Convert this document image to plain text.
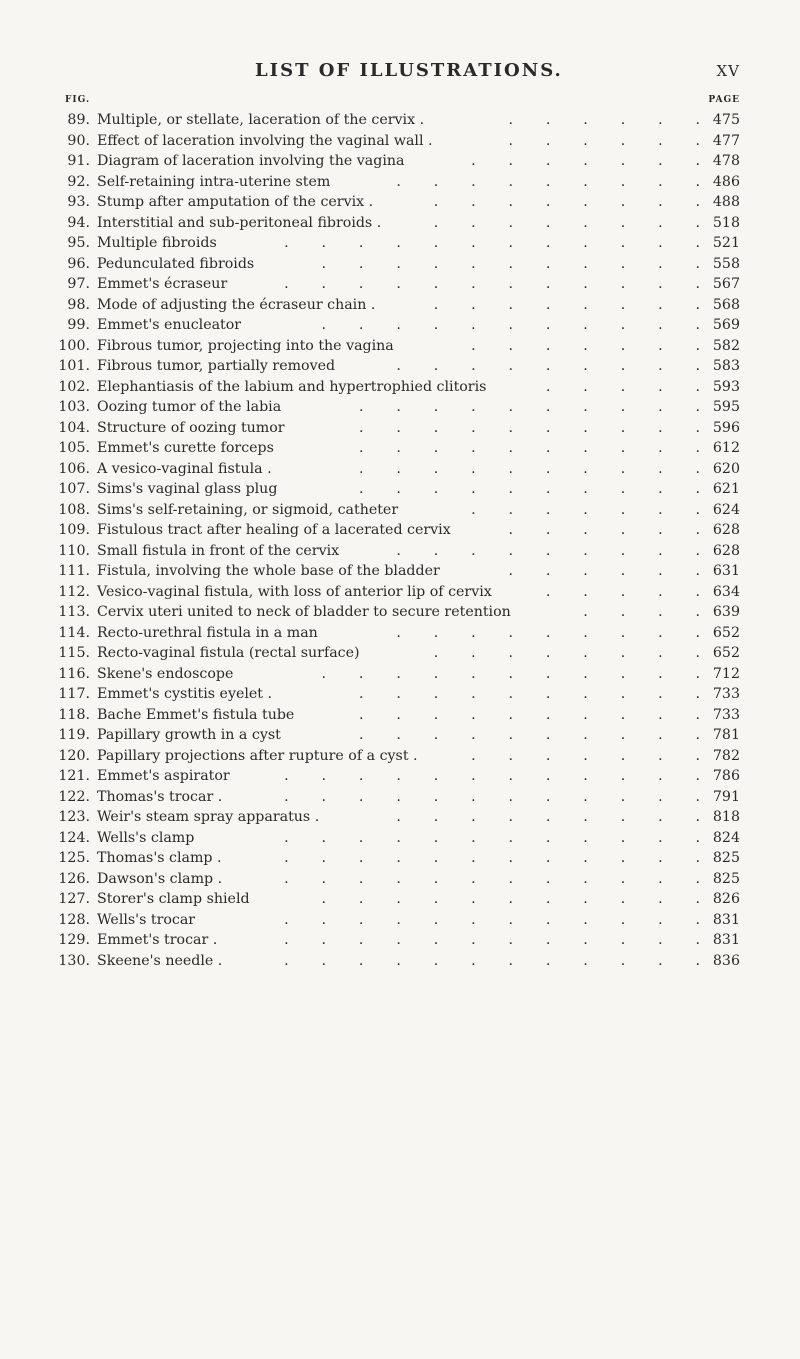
LIST OF ILLUSTRATIONS.	XV
FIG.	PAGE
89. Multiple, or stellate, laceration of the cervix .	475
.   .   .   .   .   .
90. Effect of laceration involving the vaginal wall .	477
.   .   .   .   .   .
91. Diagram of laceration involving the vagina	478
.   .   .   .   .   .   .
92. Self-retaining intra-uterine stem	486
.   .   .   .   .   .   .   .   .
93. Stump after amputation of the cervix .	488
.   .   .   .   .   .   .   .
94. Interstitial and sub-peritoneal fibroids .	518
.   .   .   .   .   .   .   .
95. Multiple fibroids	521
.   .   .   .   .   .   .   .   .   .   .   .
96. Pedunculated fibroids	558
.   .   .   .   .   .   .   .   .   .   .
97. Emmet's écraseur	567
.   .   .   .   .   .   .   .   .   .   .   .
98. Mode of adjusting the écraseur chain .	568
.   .   .   .   .   .   .   .
99. Emmet's enucleator	569
.   .   .   .   .   .   .   .   .   .   .
100. Fibrous tumor, projecting into the vagina	582
.   .   .   .   .   .   .
101. Fibrous tumor, partially removed	583
.   .   .   .   .   .   .   .   .
102. Elephantiasis of the labium and hypertrophied clitoris	593
.   .   .   .   .
103. Oozing tumor of the labia	595
.   .   .   .   .   .   .   .   .   .
104. Structure of oozing tumor	596
.   .   .   .   .   .   .   .   .   .
105. Emmet's curette forceps	612
.   .   .   .   .   .   .   .   .   .
106. A vesico-vaginal fistula .	620
.   .   .   .   .   .   .   .   .   .
107. Sims's vaginal glass plug	621
.   .   .   .   .   .   .   .   .   .
108. Sims's self-retaining, or sigmoid, catheter	624
.   .   .   .   .   .   .
109. Fistulous tract after healing of a lacerated cervix	628
.   .   .   .   .   .
110. Small fistula in front of the cervix	628
.   .   .   .   .   .   .   .   .
111. Fistula, involving the whole base of the bladder	631
.   .   .   .   .   .
112. Vesico-vaginal fistula, with loss of anterior lip of cervix	634
.   .   .   .   .
113. Cervix uteri united to neck of bladder to secure retention	639
.   .   .   .
114. Recto-urethral fistula in a man	652
.   .   .   .   .   .   .   .   .
115. Recto-vaginal fistula (rectal surface)	652
.   .   .   .   .   .   .   .
116. Skene's endoscope	712
.   .   .   .   .   .   .   .   .   .   .
117. Emmet's cystitis eyelet .	733
.   .   .   .   .   .   .   .   .   .
118. Bache Emmet's fistula tube	733
.   .   .   .   .   .   .   .   .   .
119. Papillary growth in a cyst	781
.   .   .   .   .   .   .   .   .   .
120. Papillary projections after rupture of a cyst .	782
.   .   .   .   .   .   .
121. Emmet's aspirator	786
.   .   .   .   .   .   .   .   .   .   .   .
122. Thomas's trocar .	791
.   .   .   .   .   .   .   .   .   .   .   .
123. Weir's steam spray apparatus .	818
.   .   .   .   .   .   .   .   .
124. Wells's clamp	824
.   .   .   .   .   .   .   .   .   .   .   .
125. Thomas's clamp .	825
.   .   .   .   .   .   .   .   .   .   .   .
126. Dawson's clamp .	825
.   .   .   .   .   .   .   .   .   .   .   .
127. Storer's clamp shield	826
.   .   .   .   .   .   .   .   .   .   .
128. Wells's trocar	831
.   .   .   .   .   .   .   .   .   .   .   .
129. Emmet's trocar .	831
.   .   .   .   .   .   .   .   .   .   .   .
130. Skeene's needle .	836
.   .   .   .   .   .   .   .   .   .   .   .
